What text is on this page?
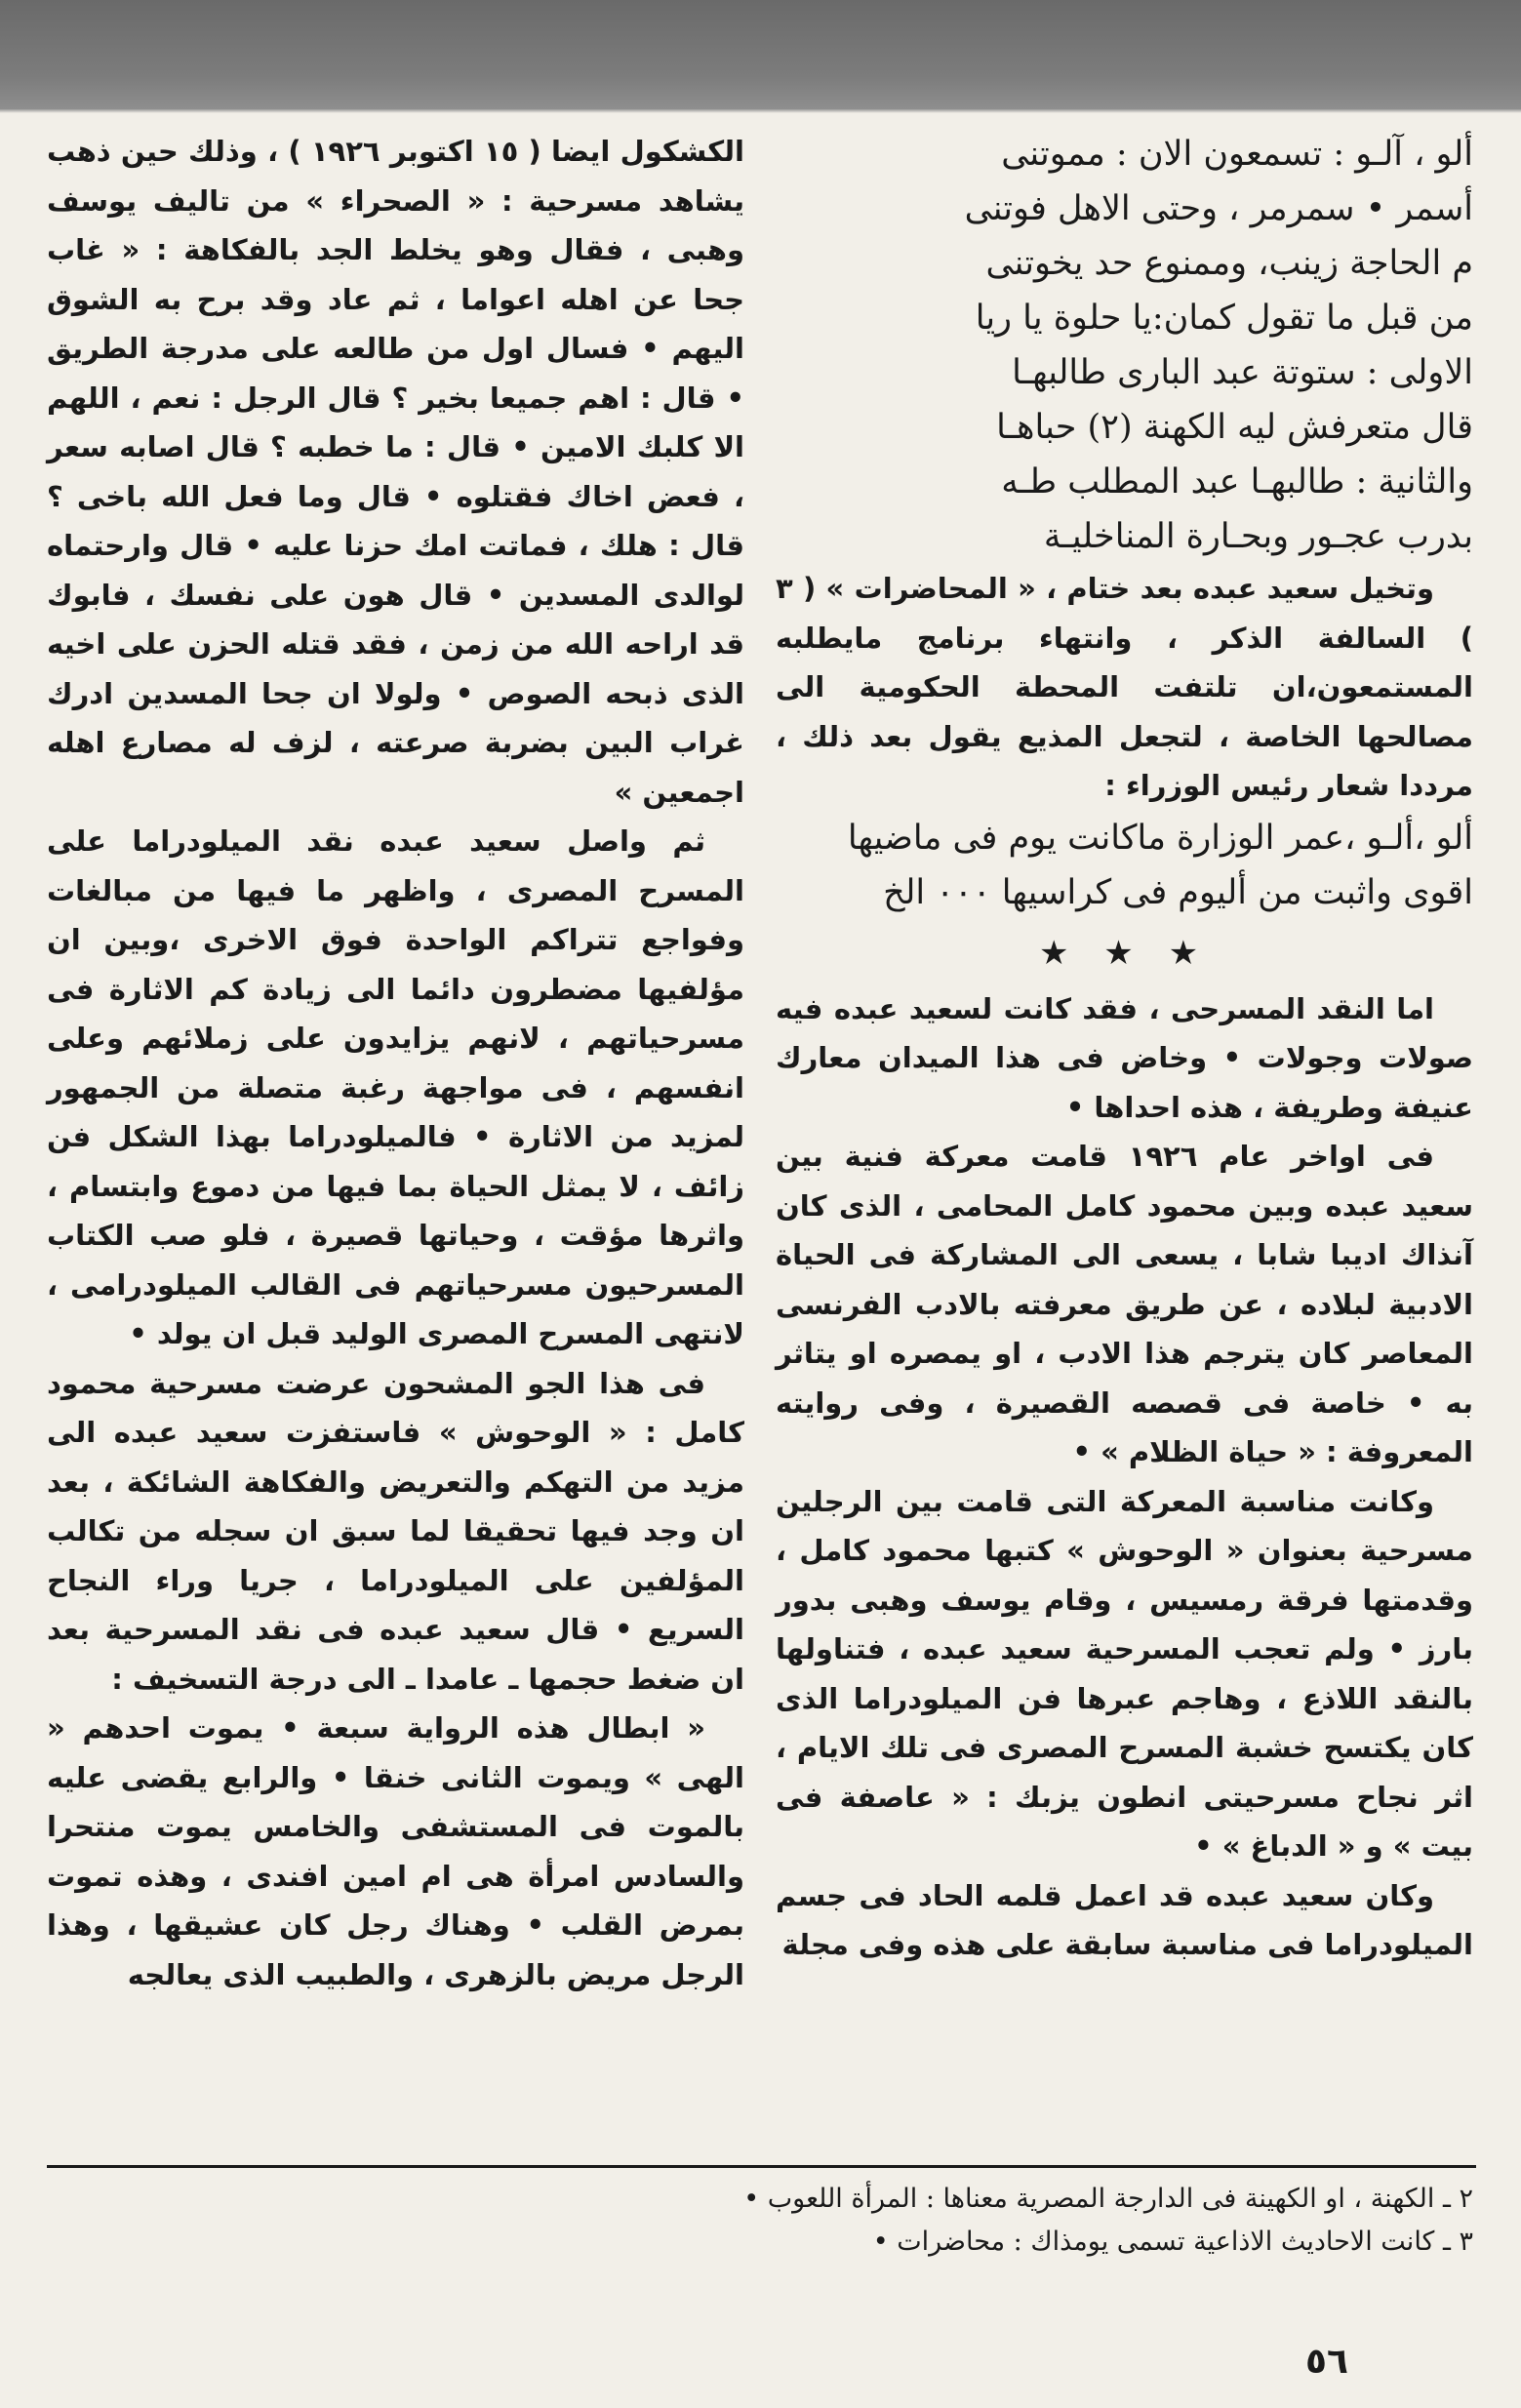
ألو ، آلـو : تسمعون الان : مموتنى
أسمر • سمرمر ، وحتى الاهل فوتنى
م الحاجة زينب، وممنوع حد يخوتنى
من قبل ما تقول كمان:يا حلوة يا ريا
الاولى : ستوتة عبد البارى طالبهـا
قال متعرفش ليه الكهنة (٢) حباهـا
والثانية : طالبهـا عبد المطلب طـه
بدرب عجـور وبحـارة المناخليـة

وتخيل سعيد عبده بعد ختام ، « المحاضرات » ( ٣ ) السالفة الذكر ، وانتهاء برنامج مايطلبه المستمعون،ان تلتفت المحطة الحكومية الى مصالحها الخاصة ، لتجعل المذيع يقول بعد ذلك ، مرددا شعار رئيس الوزراء :

ألو ،ألـو ،عمر الوزارة ماكانت يوم فى ماضيها
اقوى واثبت من أليوم فى كراسيها ٠٠٠ الخ
★ ★ ★

اما النقد المسرحى ، فقد كانت لسعيد عبده فيه صولات وجولات • وخاض فى هذا الميدان معارك عنيفة وطريفة ، هذه احداها •

فى اواخر عام ١٩٢٦ قامت معركة فنية بين سعيد عبده وبين محمود كامل المحامى ، الذى كان آنذاك اديبا شابا ، يسعى الى المشاركة فى الحياة الادبية لبلاده ، عن طريق معرفته بالادب الفرنسى المعاصر كان يترجم هذا الادب ، او يمصره او يتاثر به • خاصة فى قصصه القصيرة ، وفى روايته المعروفة : « حياة الظلام » •

وكانت مناسبة المعركة التى قامت بين الرجلين مسرحية بعنوان « الوحوش » كتبها محمود كامل ، وقدمتها فرقة رمسيس ، وقام يوسف وهبى بدور بارز • ولم تعجب المسرحية سعيد عبده ، فتناولها بالنقد اللاذع ، وهاجم عبرها فن الميلودراما الذى كان يكتسح خشبة المسرح المصرى فى تلك الايام ، اثر نجاح مسرحيتى انطون يزبك : « عاصفة فى بيت » و « الدباغ » •

وكان سعيد عبده قد اعمل قلمه الحاد فى جسم الميلودراما فى مناسبة سابقة على هذه وفى مجلة

الكشكول ايضا ( ١٥ اكتوبر ١٩٢٦ ) ، وذلك حين ذهب يشاهد مسرحية : « الصحراء » من تاليف يوسف وهبى ، فقال وهو يخلط الجد بالفكاهة : « غاب جحا عن اهله اعواما ، ثم عاد وقد برح به الشوق اليهم • فسال اول من طالعه على مدرجة الطريق • قال : اهم جميعا بخير ؟ قال الرجل : نعم ، اللهم الا كلبك الامين • قال : ما خطبه ؟ قال اصابه سعر ، فعض اخاك فقتلوه • قال وما فعل الله باخى ؟ قال : هلك ، فماتت امك حزنا عليه • قال وارحتماه لوالدى المسدين • قال هون على نفسك ، فابوك قد اراحه الله من زمن ، فقد قتله الحزن على اخيه الذى ذبحه الصوص • ولولا ان جحا المسدين ادرك غراب البين بضربة صرعته ، لزف له مصارع اهله اجمعين »

ثم واصل سعيد عبده نقد الميلودراما على المسرح المصرى ، واظهر ما فيها من مبالغات وفواجع تتراكم الواحدة فوق الاخرى ،وبين ان مؤلفيها مضطرون دائما الى زيادة كم الاثارة فى مسرحياتهم ، لانهم يزايدون على زملائهم وعلى انفسهم ، فى مواجهة رغبة متصلة من الجمهور لمزيد من الاثارة • فالميلودراما بهذا الشكل فن زائف ، لا يمثل الحياة بما فيها من دموع وابتسام ، واثرها مؤقت ، وحياتها قصيرة ، فلو صب الكتاب المسرحيون مسرحياتهم فى القالب الميلودرامى ، لانتهى المسرح المصرى الوليد قبل ان يولد •

فى هذا الجو المشحون عرضت مسرحية محمود كامل : « الوحوش » فاستفزت سعيد عبده الى مزيد من التهكم والتعريض والفكاهة الشائكة ، بعد ان وجد فيها تحقيقا لما سبق ان سجله من تكالب المؤلفين على الميلودراما ، جريا وراء النجاح السريع • قال سعيد عبده فى نقد المسرحية بعد ان ضغط حجمها ـ عامدا ـ الى درجة التسخيف :

« ابطال هذه الرواية سبعة • يموت احدهم « الهى » ويموت الثانى خنقا • والرابع يقضى عليه بالموت فى المستشفى والخامس يموت منتحرا والسادس امرأة هى ام امين افندى ، وهذه تموت بمرض القلب • وهناك رجل كان عشيقها ، وهذا الرجل مريض بالزهرى ، والطبيب الذى يعالجه

٢ ـ الكهنة ، او الكهينة فى الدارجة المصرية معناها : المرأة اللعوب •
٣ ـ كانت الاحاديث الاذاعية تسمى يومذاك : محاضرات •
٥٦
